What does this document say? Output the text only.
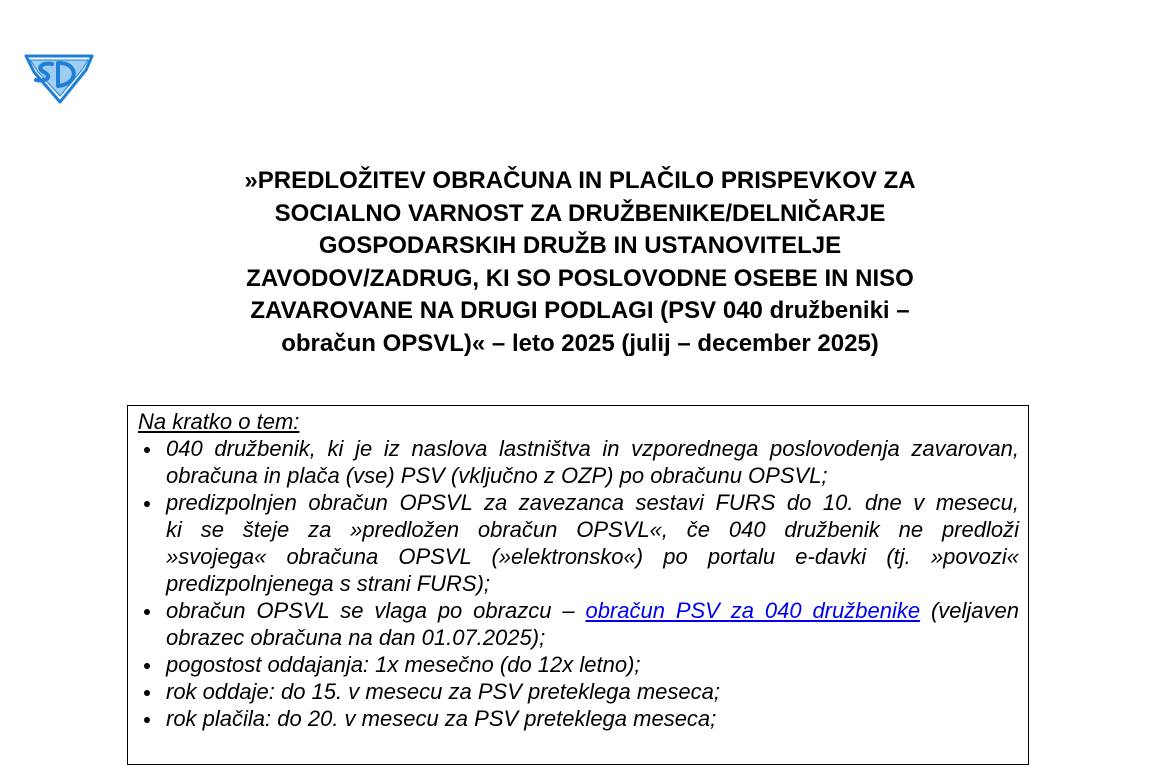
»PREDLOŽITEV OBRAČUNA IN PLAČILO PRISPEVKOV ZA
SOCIALNO VARNOST ZA DRUŽBENIKE/DELNIČARJE
GOSPODARSKIH DRUŽB IN USTANOVITELJE
ZAVODOV/ZADRUG, KI SO POSLOVODNE OSEBE IN NISO
ZAVAROVANE NA DRUGI PODLAGI (PSV 040 družbeniki –
obračun OPSVL)« – leto 2025 (julij – december 2025)
Na kratko o tem:
040 družbenik, ki je iz naslova lastništva in vzporednega poslovodenja zavarovan,
obračuna in plača (vse) PSV (vključno z OZP) po obračunu OPSVL;
predizpolnjen obračun OPSVL za zavezanca sestavi FURS do 10. dne v mesecu,
ki se šteje za »predložen obračun OPSVL«, če 040 družbenik ne predloži
»svojega« obračuna OPSVL (»elektronsko«) po portalu e-davki (tj. »povozi«
predizpolnjenega s strani FURS);
obračun OPSVL se vlaga po obrazcu – obračun PSV za 040 družbenike (veljaven
obrazec obračuna na dan 01.07.2025);
pogostost oddajanja: 1x mesečno (do 12x letno);
rok oddaje: do 15. v mesecu za PSV preteklega meseca;
rok plačila: do 20. v mesecu za PSV preteklega meseca;
